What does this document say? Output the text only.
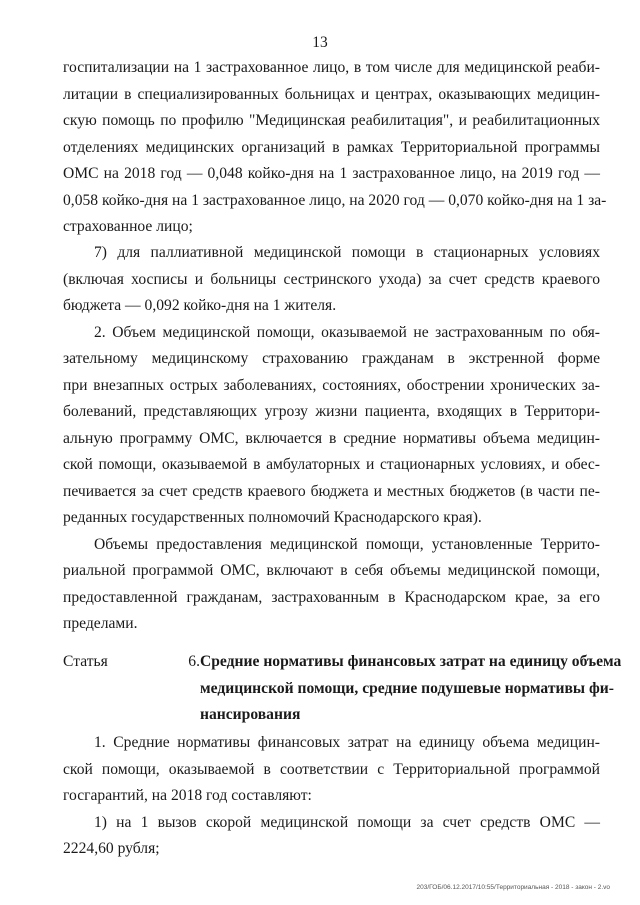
13
госпитализации на 1 застрахованное лицо, в том числе для медицинской реаби-
литации в специализированных больницах и центрах, оказывающих медицин-
скую помощь по профилю "Медицинская реабилитация", и реабилитационных
отделениях медицинских организаций в рамках Территориальной программы
ОМС на 2018 год — 0,048 койко-дня на 1 застрахованное лицо, на 2019 год —
0,058 койко-дня на 1 застрахованное лицо, на 2020 год — 0,070 койко-дня на 1 за-
страхованное лицо;
7) для паллиативной медицинской помощи в стационарных условиях
(включая хосписы и больницы сестринского ухода) за счет средств краевого
бюджета — 0,092 койко-дня на 1 жителя.
2. Объем медицинской помощи, оказываемой не застрахованным по обя-
зательному медицинскому страхованию гражданам в экстренной форме
при внезапных острых заболеваниях, состояниях, обострении хронических за-
болеваний, представляющих угрозу жизни пациента, входящих в Территори-
альную программу ОМС, включается в средние нормативы объема медицин-
ской помощи, оказываемой в амбулаторных и стационарных условиях, и обес-
печивается за счет средств краевого бюджета и местных бюджетов (в части пе-
реданных государственных полномочий Краснодарского края).
Объемы предоставления медицинской помощи, установленные Террито-
риальной программой ОМС, включают в себя объемы медицинской помощи,
предоставленной гражданам, застрахованным в Краснодарском крае, за его
пределами.
1. Средние нормативы финансовых затрат на единицу объема медицин-
ской помощи, оказываемой в соответствии с Территориальной программой
госгарантий, на 2018 год составляют:
1) на 1 вызов скорой медицинской помощи за счет средств ОМС —
2224,60 рубля;
Статья 6.Средние нормативы финансовых затрат на единицу объема
медицинской помощи, средние подушевые нормативы фи-
нансирования
203/ГОБ/06.12.2017/10:55/Территориальная - 2018 - закон - 2.vo
